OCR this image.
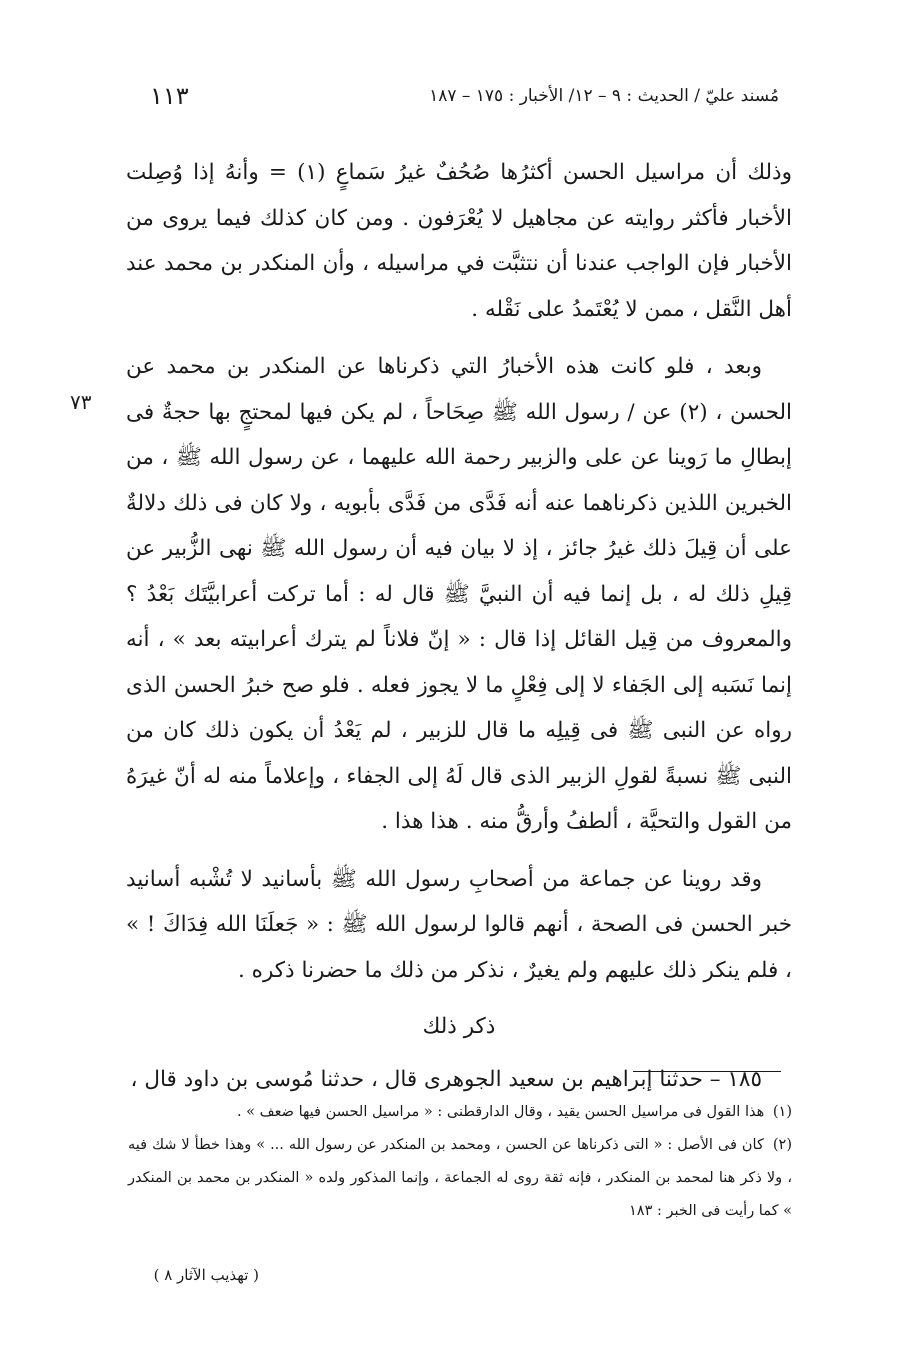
مُسند عليّ / الحديث : ٩ – ١٢/ الأخبار : ١٧٥ – ١٨٧
١١٣
٧٣

وذلك أن مراسيل الحسن أكثرُها صُحُفٌ غيرُ سَماعٍ (١) = وأنهُ إذا وُصِلت الأخبار فأكثر روايته عن مجاهيل لا يُعْرَفون . ومن كان كذلك فيما يروى من الأخبار فإن الواجب عندنا أن نتثبَّت في مراسيله ، وأن المنكدر بن محمد عند أهل النَّقل ، ممن لا يُعْتَمدُ على نَقْله .

وبعد ، فلو كانت هذه الأخبارُ التي ذكرناها عن المنكدر بن محمد عن الحسن ، (٢) عن / رسول الله ﷺ صِحَاحاً ، لم يكن فيها لمحتجٍ بها حجةٌ فى إبطالِ ما رَوينا عن على والزبير رحمة الله عليهما ، عن رسول الله ﷺ ، من الخبرين اللذين ذكرناهما عنه أنه فَدَّى من فَدَّى بأبويه ، ولا كان فى ذلك دلالةٌ على أن قِيلَ ذلك غيرُ جائز ، إذ لا بيان فيه أن رسول الله ﷺ نهى الزُّبير عن قِيلِ ذلك له ، بل إنما فيه أن النبيَّ ﷺ قال له : أما تركت أعرابيَّتَك بَعْدُ ؟ والمعروف من قِيل القائل إذا قال : « إنّ فلاناً لم يترك أعرابيته بعد » ، أنه إنما نَسَبه إلى الجَفاء لا إلى فِعْلٍ ما لا يجوز فعله . فلو صح خبرُ الحسن الذى رواه عن النبى ﷺ فى قِيلِه ما قال للزبير ، لم يَعْدُ أن يكون ذلك كان من النبى ﷺ نسبةً لقولِ الزبير الذى قال لَهُ إلى الجفاء ، وإعلاماً منه له أنّ غيرَهُ من القول والتحيَّة ، ألطفُ وأرقُّ منه . هذا هذا .

وقد روينا عن جماعة من أصحابِ رسول الله ﷺ بأسانيد لا تُشْبه أسانيد خبر الحسن فى الصحة ، أنهم قالوا لرسول الله ﷺ : « جَعلَنَا الله فِدَاكَ ! » ، فلم ينكر ذلك عليهم ولم يغيرٌ ، نذكر من ذلك ما حضرنا ذكره .

ذكر ذلك

١٨٥ – حدثنا إبراهيم بن سعيد الجوهرى قال ، حدثنا مُوسى بن داود قال ،

(١) هذا القول فى مراسيل الحسن يقيد ، وقال الدارقطنى : « مراسيل الحسن فيها ضعف » .

(٢) كان فى الأصل : « التى ذكرناها عن الحسن ، ومحمد بن المنكدر عن رسول الله ... » وهذا خطأ لا شك فيه ، ولا ذكر هنا لمحمد بن المنكدر ، فإنه ثقة روى له الجماعة ، وإنما المذكور ولده « المنكدر بن محمد بن المنكدر » كما رأيت فى الخبر : ١٨٣

( تهذيب الآثار ٨ )
